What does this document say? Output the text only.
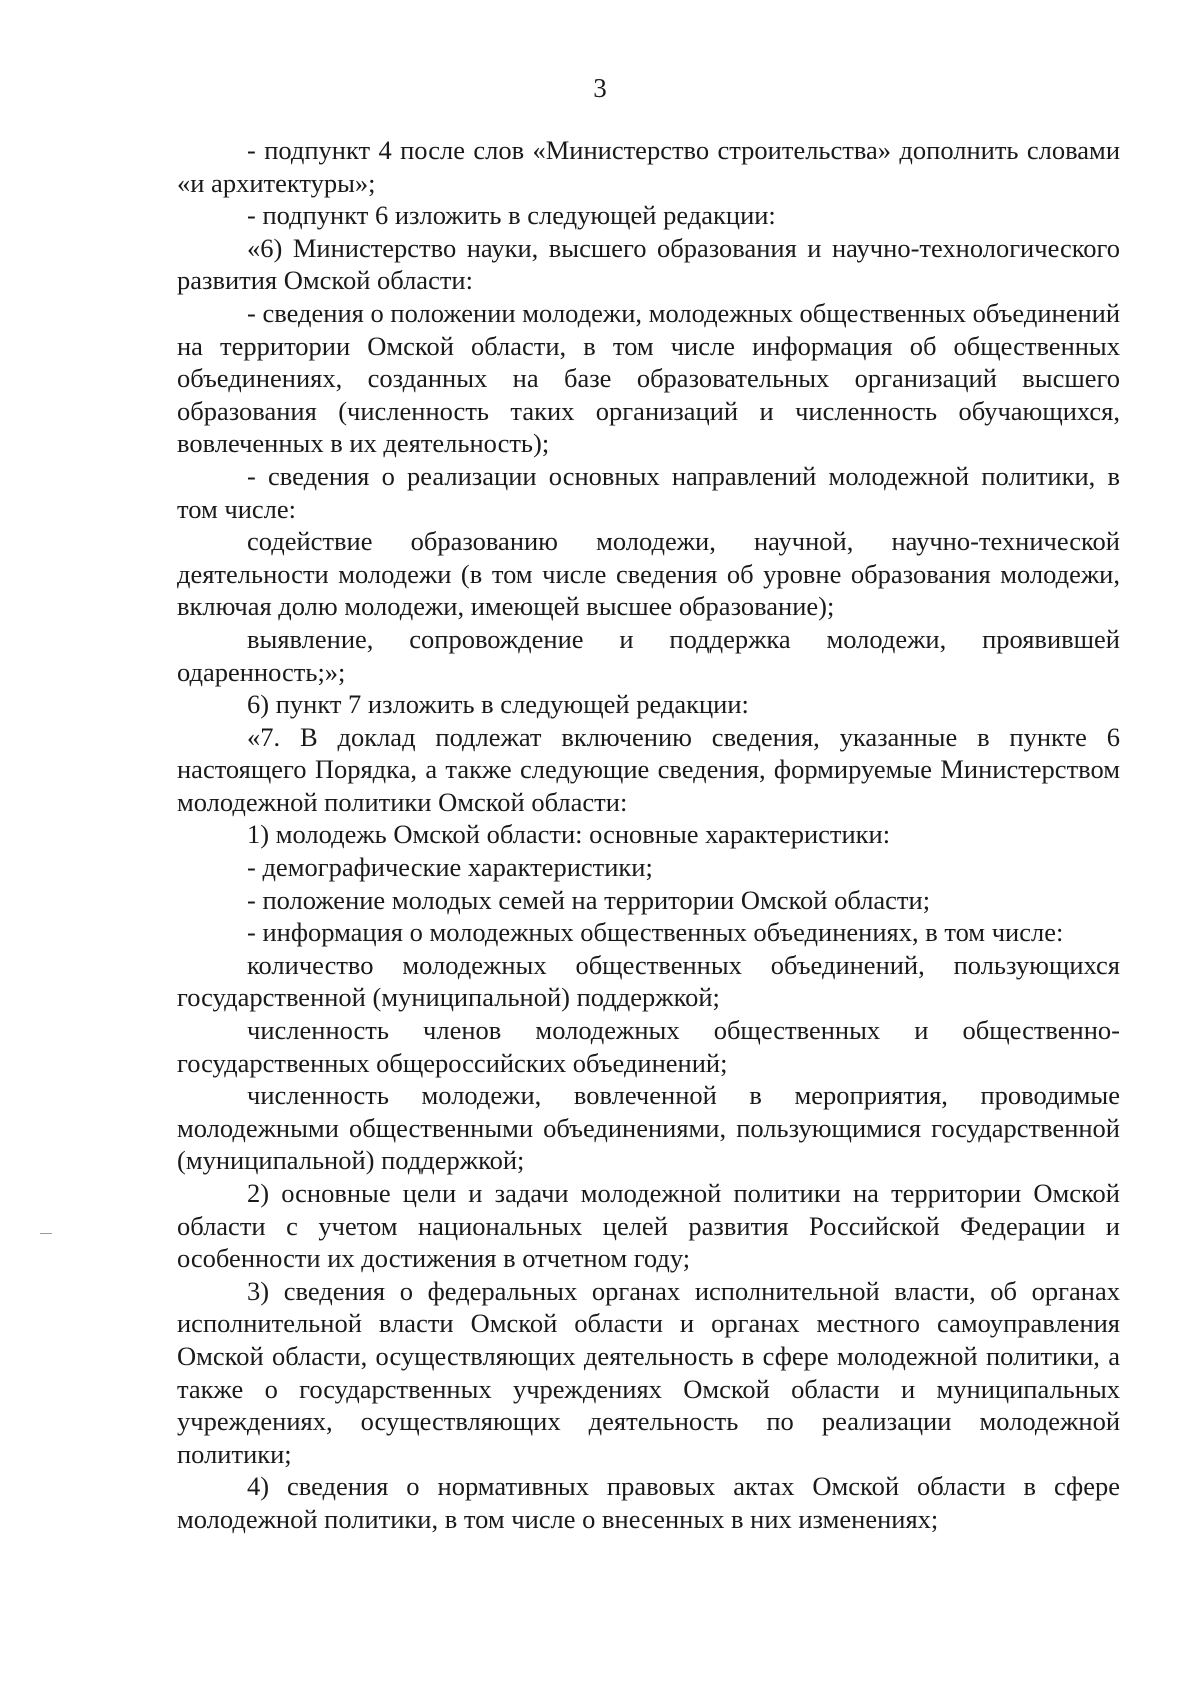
3

- подпункт 4 после слов «Министерство строительства» дополнить словами «и архитектуры»;

- подпункт 6 изложить в следующей редакции:

«6) Министерство науки, высшего образования и научно-технологического развития Омской области:

- сведения о положении молодежи, молодежных общественных объединений на территории Омской области, в том числе информация об общественных объединениях, созданных на базе образовательных организаций высшего образования (численность таких организаций и численность обучающихся, вовлеченных в их деятельность);

- сведения о реализации основных направлений молодежной политики, в том числе:

содействие образованию молодежи, научной, научно-технической деятельности молодежи (в том числе сведения об уровне образования молодежи, включая долю молодежи, имеющей высшее образование);

выявление, сопровождение и поддержка молодежи, проявившей одаренность;»;

6) пункт 7 изложить в следующей редакции:

«7. В доклад подлежат включению сведения, указанные в пункте 6 настоящего Порядка, а также следующие сведения, формируемые Министерством молодежной политики Омской области:

1) молодежь Омской области: основные характеристики:

- демографические характеристики;

- положение молодых семей на территории Омской области;

- информация о молодежных общественных объединениях, в том числе:

количество молодежных общественных объединений, пользующихся государственной (муниципальной) поддержкой;

численность членов молодежных общественных и общественно-государственных общероссийских объединений;

численность молодежи, вовлеченной в мероприятия, проводимые молодежными общественными объединениями, пользующимися государственной (муниципальной) поддержкой;

2) основные цели и задачи молодежной политики на территории Омской области с учетом национальных целей развития Российской Федерации и особенности их достижения в отчетном году;

3) сведения о федеральных органах исполнительной власти, об органах исполнительной власти Омской области и органах местного самоуправления Омской области, осуществляющих деятельность в сфере молодежной политики, а также о государственных учреждениях Омской области и муниципальных учреждениях, осуществляющих деятельность по реализации молодежной политики;

4) сведения о нормативных правовых актах Омской области в сфере молодежной политики, в том числе о внесенных в них изменениях;
